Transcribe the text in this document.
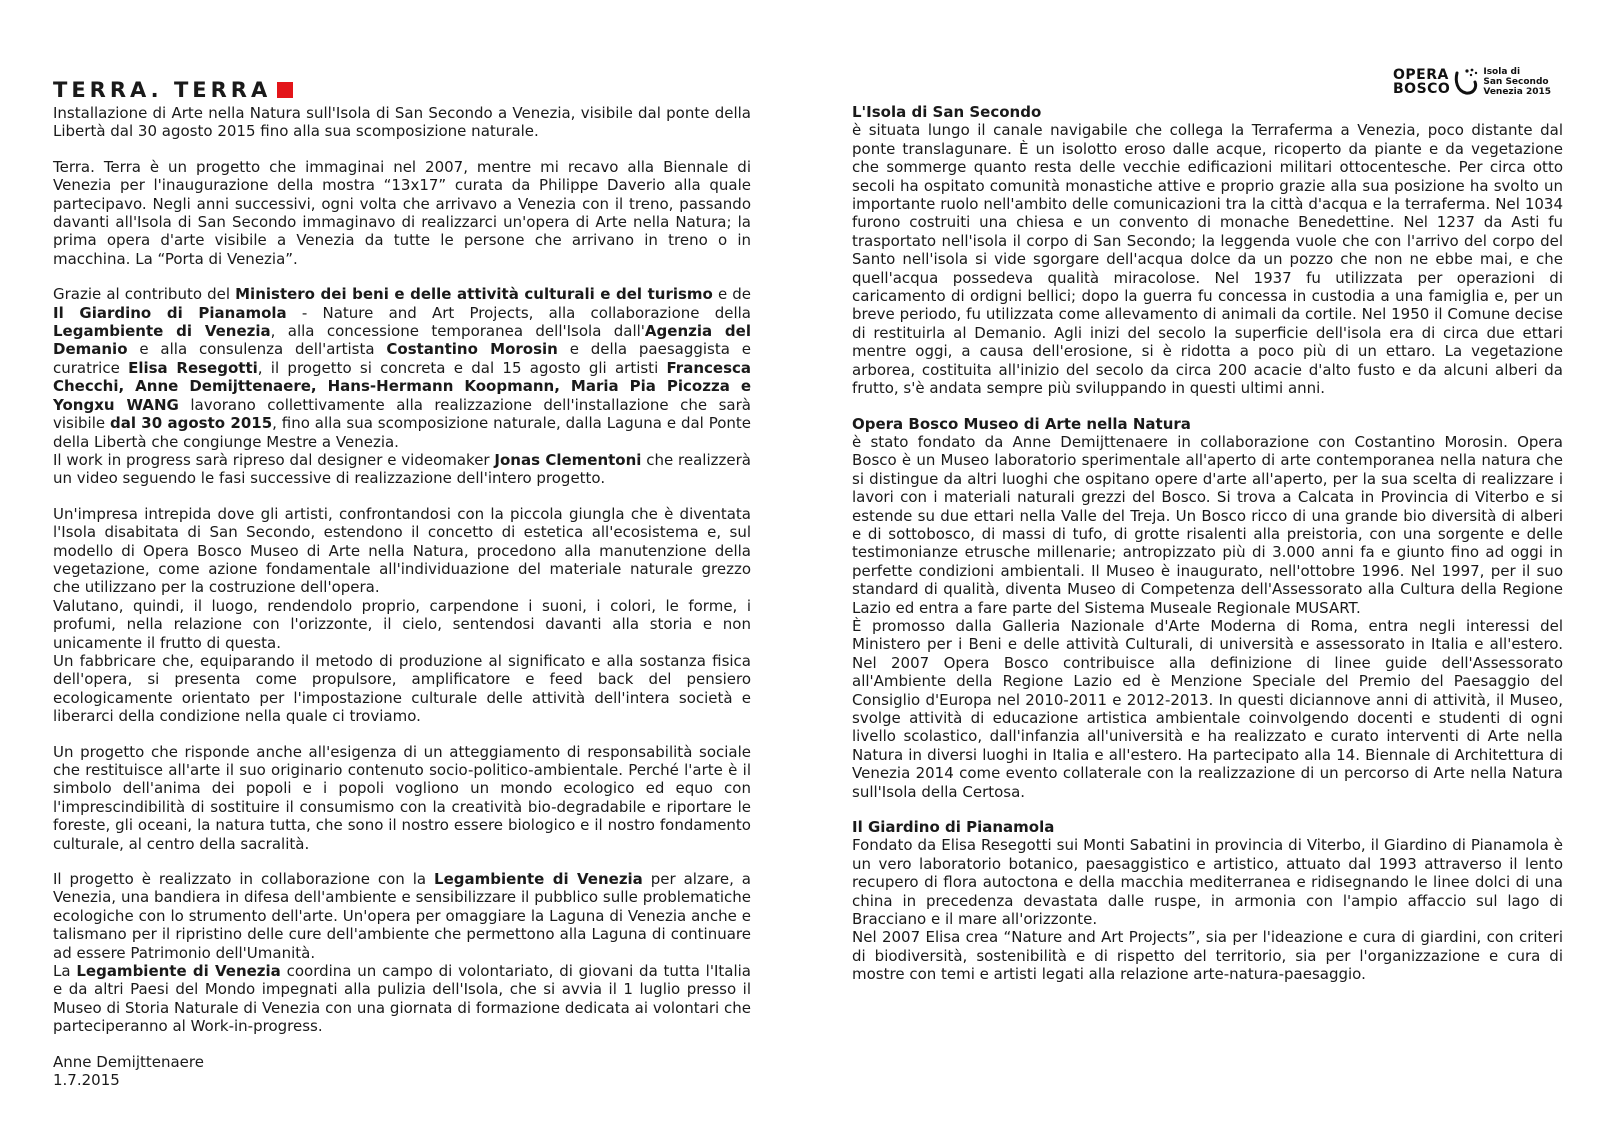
OPERA
BOSCO
Isola di
San Secondo
Venezia 2015
TERRA. TERRA

Installazione di Arte nella Natura sull'Isola di San Secondo a Venezia, visibile dal ponte della Libertà dal 30 agosto 2015 fino alla sua scomposizione naturale.

Terra. Terra è un progetto che immaginai nel 2007, mentre mi recavo alla Biennale di Venezia per l'inaugurazione della mostra “13x17” curata da Philippe Daverio alla quale partecipavo. Negli anni successivi, ogni volta che arrivavo a Venezia con il treno, passando davanti all'Isola di San Secondo immaginavo di realizzarci un'opera di Arte nella Natura; la prima opera d'arte visibile a Venezia da tutte le persone che arrivano in treno o in macchina. La “Porta di Venezia”.

Grazie al contributo del Ministero dei beni e delle attività culturali e del turismo e de Il Giardino di Pianamola - Nature and Art Projects, alla collaborazione della Legambiente di Venezia, alla concessione temporanea dell'Isola dall'Agenzia del Demanio e alla consulenza dell'artista Costantino Morosin e della paesaggista e curatrice Elisa Resegotti, il progetto si concreta e dal 15 agosto gli artisti Francesca Checchi, Anne Demijttenaere, Hans-Hermann Koopmann, Maria Pia Picozza e Yongxu WANG lavorano collettivamente alla realizzazione dell'installazione che sarà visibile dal 30 agosto 2015, fino alla sua scomposizione naturale, dalla Laguna e dal Ponte della Libertà che congiunge Mestre a Venezia.

Il work in progress sarà ripreso dal designer e videomaker Jonas Clementoni che realizzerà un video seguendo le fasi successive di realizzazione dell'intero progetto.

Un'impresa intrepida dove gli artisti, confrontandosi con la piccola giungla che è diventata l'Isola disabitata di San Secondo, estendono il concetto di estetica all'ecosistema e, sul modello di Opera Bosco Museo di Arte nella Natura, procedono alla manutenzione della vegetazione, come azione fondamentale all'individuazione del materiale naturale grezzo che utilizzano per la costruzione dell'opera.

Valutano, quindi, il luogo, rendendolo proprio, carpendone i suoni, i colori, le forme, i profumi, nella relazione con l'orizzonte, il cielo, sentendosi davanti alla storia e non unicamente il frutto di questa.

Un fabbricare che, equiparando il metodo di produzione al significato e alla sostanza fisica dell'opera, si presenta come propulsore, amplificatore e feed back del pensiero ecologicamente orientato per l'impostazione culturale delle attività dell'intera società e liberarci della condizione nella quale ci troviamo.

Un progetto che risponde anche all'esigenza di un atteggiamento di responsabilità sociale che restituisce all'arte il suo originario contenuto socio-politico-ambientale. Perché l'arte è il simbolo dell'anima dei popoli e i popoli vogliono un mondo ecologico ed equo con l'imprescindibilità di sostituire il consumismo con la creatività bio-degradabile e riportare le foreste, gli oceani, la natura tutta, che sono il nostro essere biologico e il nostro fondamento culturale, al centro della sacralità.

Il progetto è realizzato in collaborazione con la Legambiente di Venezia per alzare, a Venezia, una bandiera in difesa dell'ambiente e sensibilizzare il pubblico sulle problematiche ecologiche con lo strumento dell'arte. Un'opera per omaggiare la Laguna di Venezia anche e talismano per il ripristino delle cure dell'ambiente che permettono alla Laguna di continuare ad essere Patrimonio dell'Umanità.

La Legambiente di Venezia coordina un campo di volontariato, di giovani da tutta l'Italia e da altri Paesi del Mondo impegnati alla pulizia dell'Isola, che si avvia il 1 luglio presso il Museo di Storia Naturale di Venezia con una giornata di formazione dedicata ai volontari che parteciperanno al Work-in-progress.

Anne Demijttenaere
1.7.2015

L'Isola di San Secondo
è situata lungo il canale navigabile che collega la Terraferma a Venezia, poco distante dal ponte translagunare. È un isolotto eroso dalle acque, ricoperto da piante e da vegetazione che sommerge quanto resta delle vecchie edificazioni militari ottocentesche. Per circa otto secoli ha ospitato comunità monastiche attive e proprio grazie alla sua posizione ha svolto un importante ruolo nell'ambito delle comunicazioni tra la città d'acqua e la terraferma. Nel 1034 furono costruiti una chiesa e un convento di monache Benedettine. Nel 1237 da Asti fu trasportato nell'isola il corpo di San Secondo; la leggenda vuole che con l'arrivo del corpo del Santo nell'isola si vide sgorgare dell'acqua dolce da un pozzo che non ne ebbe mai, e che quell'acqua possedeva qualità miracolose. Nel 1937 fu utilizzata per operazioni di caricamento di ordigni bellici; dopo la guerra fu concessa in custodia a una famiglia e, per un breve periodo, fu utilizzata come allevamento di animali da cortile. Nel 1950 il Comune decise di restituirla al Demanio. Agli inizi del secolo la superficie dell'isola era di circa due ettari mentre oggi, a causa dell'erosione, si è ridotta a poco più di un ettaro. La vegetazione arborea, costituita all'inizio del secolo da circa 200 acacie d'alto fusto e da alcuni alberi da frutto, s'è andata sempre più sviluppando in questi ultimi anni.

Opera Bosco Museo di Arte nella Natura
è stato fondato da Anne Demijttenaere in collaborazione con Costantino Morosin. Opera Bosco è un Museo laboratorio sperimentale all'aperto di arte contemporanea nella natura che si distingue da altri luoghi che ospitano opere d'arte all'aperto, per la sua scelta di realizzare i lavori con i materiali naturali grezzi del Bosco. Si trova a Calcata in Provincia di Viterbo e si estende su due ettari nella Valle del Treja. Un Bosco ricco di una grande bio diversità di alberi e di sottobosco, di massi di tufo, di grotte risalenti alla preistoria, con una sorgente e delle testimonianze etrusche millenarie; antropizzato più di 3.000 anni fa e giunto fino ad oggi in perfette condizioni ambientali. Il Museo è inaugurato, nell'ottobre 1996. Nel 1997, per il suo standard di qualità, diventa Museo di Competenza dell'Assessorato alla Cultura della Regione Lazio ed entra a fare parte del Sistema Museale Regionale MUSART.

È promosso dalla Galleria Nazionale d'Arte Moderna di Roma, entra negli interessi del Ministero per i Beni e delle attività Culturali, di università e assessorato in Italia e all'estero. Nel 2007 Opera Bosco contribuisce alla definizione di linee guide dell'Assessorato all'Ambiente della Regione Lazio ed è Menzione Speciale del Premio del Paesaggio del Consiglio d'Europa nel 2010-2011 e 2012-2013. In questi diciannove anni di attività, il Museo, svolge attività di educazione artistica ambientale coinvolgendo docenti e studenti di ogni livello scolastico, dall'infanzia all'università e ha realizzato e curato interventi di Arte nella Natura in diversi luoghi in Italia e all'estero. Ha partecipato alla 14. Biennale di Architettura di Venezia 2014 come evento collaterale con la realizzazione di un percorso di Arte nella Natura sull'Isola della Certosa.

Il Giardino di Pianamola
Fondato da Elisa Resegotti sui Monti Sabatini in provincia di Viterbo, il Giardino di Pianamola è un vero laboratorio botanico, paesaggistico e artistico, attuato dal 1993 attraverso il lento recupero di flora autoctona e della macchia mediterranea e ridisegnando le linee dolci di una china in precedenza devastata dalle ruspe, in armonia con l'ampio affaccio sul lago di Bracciano e il mare all'orizzonte.

Nel 2007 Elisa crea “Nature and Art Projects”, sia per l'ideazione e cura di giardini, con criteri di biodiversità, sostenibilità e di rispetto del territorio, sia per l'organizzazione e cura di mostre con temi e artisti legati alla relazione arte-natura-paesaggio.
